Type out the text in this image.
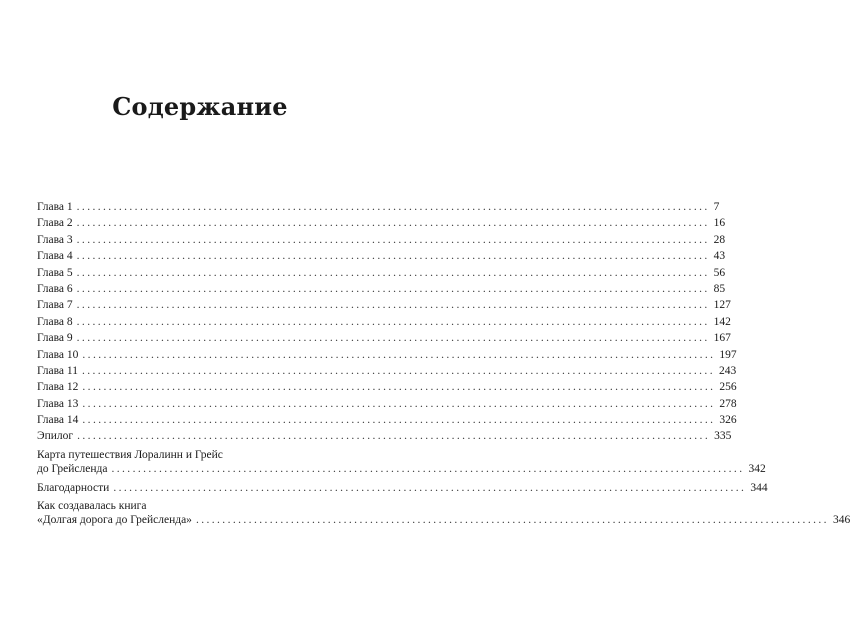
Содержание
Глава 1 ........................................................................................................................ 7
Глава 2 ........................................................................................................................ 16
Глава 3 ........................................................................................................................ 28
Глава 4 ........................................................................................................................ 43
Глава 5 ........................................................................................................................ 56
Глава 6 ........................................................................................................................ 85
Глава 7 ........................................................................................................................ 127
Глава 8 ........................................................................................................................ 142
Глава 9 ........................................................................................................................ 167
Глава 10 ........................................................................................................................ 197
Глава 11 ........................................................................................................................ 243
Глава 12 ........................................................................................................................ 256
Глава 13 ........................................................................................................................ 278
Глава 14 ........................................................................................................................ 326
Эпилог ........................................................................................................................ 335
Карта путешествия Лоралинн и Грейс
до Грейсленда ........................................................................................................................ 342
Благодарности ........................................................................................................................ 344
Как создавалась книга
«Долгая дорога до Грейсленда» ........................................................................................................................ 346
